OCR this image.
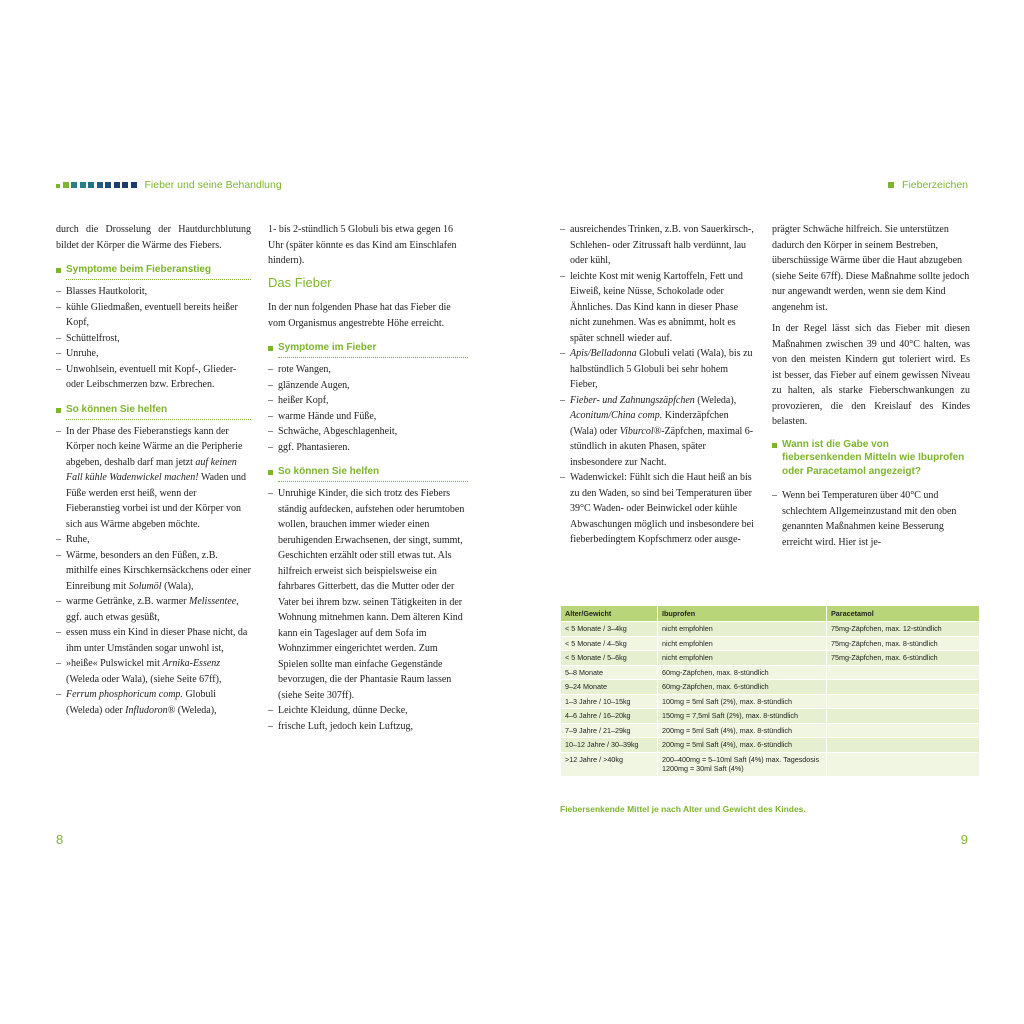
Fieber und seine Behandlung

durch die Drosselung der Hautdurchblutung bildet der Körper die Wärme des Fiebers.

Symptome beim Fieberanstieg
– Blasses Hautkolorit,
– kühle Gliedmaßen, eventuell bereits heißer Kopf,
– Schüttelfrost,
– Unruhe,
– Unwohlsein, eventuell mit Kopf-, Glieder- oder Leibschmerzen bzw. Erbrechen.
So können Sie helfen
– In der Phase des Fieberanstiegs kann der Körper noch keine Wärme an die Peripherie abgeben, deshalb darf man jetzt auf keinen Fall kühle Wadenwickel machen! Waden und Füße werden erst heiß, wenn der Fieberanstieg vorbei ist und der Körper von sich aus Wärme abgeben möchte.
– Ruhe,
– Wärme, besonders an den Füßen, z.B. mithilfe eines Kirschkernsäckchens oder einer Einreibung mit Solumöl (Wala),
– warme Getränke, z.B. warmer Melissentee, ggf. auch etwas gesüßt,
– essen muss ein Kind in dieser Phase nicht, da ihm unter Umständen sogar unwohl ist,
– »heiße« Pulswickel mit Arnika-Essenz (Weleda oder Wala), (siehe Seite 67ff),
– Ferrum phosphoricum comp. Globuli (Weleda) oder Infludoron® (Weleda),

1- bis 2-stündlich 5 Globuli bis etwa gegen 16 Uhr (später könnte es das Kind am Einschlafen hindern).

Das Fieber

In der nun folgenden Phase hat das Fieber die vom Organismus angestrebte Höhe erreicht.

Symptome im Fieber
– rote Wangen,
– glänzende Augen,
– heißer Kopf,
– warme Hände und Füße,
– Schwäche, Abgeschlagenheit,
– ggf. Phantasieren.
So können Sie helfen
– Unruhige Kinder, die sich trotz des Fiebers ständig aufdecken, aufstehen oder herumtoben wollen, brauchen immer wieder einen beruhigenden Erwachsenen, der singt, summt, Geschichten erzählt oder still etwas tut. Als hilfreich erweist sich beispielsweise ein fahrbares Gitterbett, das die Mutter oder der Vater bei ihrem bzw. seinen Tätigkeiten in der Wohnung mitnehmen kann. Dem älteren Kind kann ein Tageslager auf dem Sofa im Wohnzimmer eingerichtet werden. Zum Spielen sollte man einfache Gegenstände bevorzugen, die der Phantasie Raum lassen (siehe Seite 307ff).
– Leichte Kleidung, dünne Decke,
– frische Luft, jedoch kein Luftzug,
8
Fieberzeichen
– ausreichendes Trinken, z.B. von Sauerkirsch-, Schlehen- oder Zitrussaft halb verdünnt, lau oder kühl,
– leichte Kost mit wenig Kartoffeln, Fett und Eiweiß, keine Nüsse, Schokolade oder Ähnliches. Das Kind kann in dieser Phase nicht zunehmen. Was es abnimmt, holt es später schnell wieder auf.
– Apis/Belladonna Globuli velati (Wala), bis zu halbstündlich 5 Globuli bei sehr hohem Fieber,
– Fieber- und Zahnungszäpfchen (Weleda), Aconitum/China comp. Kinderzäpfchen (Wala) oder Viburcol®-Zäpfchen, maximal 6-stündlich in akuten Phasen, später insbesondere zur Nacht.
– Wadenwickel: Fühlt sich die Haut heiß an bis zu den Waden, so sind bei Temperaturen über 39°C Waden- oder Beinwickel oder kühle Abwaschungen möglich und insbesondere bei fieberbedingtem Kopfschmerz oder ausge-

prägter Schwäche hilfreich. Sie unterstützen dadurch den Körper in seinem Bestreben, überschüssige Wärme über die Haut abzugeben (siehe Seite 67ff). Diese Maßnahme sollte jedoch nur angewandt werden, wenn sie dem Kind angenehm ist.

In der Regel lässt sich das Fieber mit diesen Maßnahmen zwischen 39 und 40°C halten, was von den meisten Kindern gut toleriert wird. Es ist besser, das Fieber auf einem gewissen Niveau zu halten, als starke Fieberschwankungen zu provozieren, die den Kreislauf des Kindes belasten.

Wann ist die Gabe von fiebersenkenden Mitteln wie Ibuprofen oder Paracetamol angezeigt?
– Wenn bei Temperaturen über 40°C und schlechtem Allgemeinzustand mit den oben genannten Maßnahmen keine Besserung erreicht wird. Hier ist je-
Alter/Gewicht	Ibuprofen	Paracetamol
< 5 Monate / 3–4kg	nicht empfohlen	75mg-Zäpfchen, max. 12-stündlich
< 5 Monate / 4–5kg	nicht empfohlen	75mg-Zäpfchen, max. 8-stündlich
< 5 Monate / 5–6kg	nicht empfohlen	75mg-Zäpfchen, max. 6-stündlich
5–8 Monate	60mg-Zäpfchen, max. 8-stündlich	
9–24 Monate	60mg-Zäpfchen, max. 6-stündlich	
1–3 Jahre / 10–15kg	100mg = 5ml Saft (2%), max. 8-stündlich	
4–6 Jahre / 16–20kg	150mg = 7,5ml Saft (2%), max. 8-stündlich	
7–9 Jahre / 21–29kg	200mg = 5ml Saft (4%), max. 8-stündlich	
10–12 Jahre / 30–39kg	200mg = 5ml Saft (4%), max. 6-stündlich	
>12 Jahre / >40kg	200–400mg = 5–10ml Saft (4%) max. Tagesdosis 1200mg = 30ml Saft (4%)	
Fiebersenkende Mittel je nach Alter und Gewicht des Kindes.
9
